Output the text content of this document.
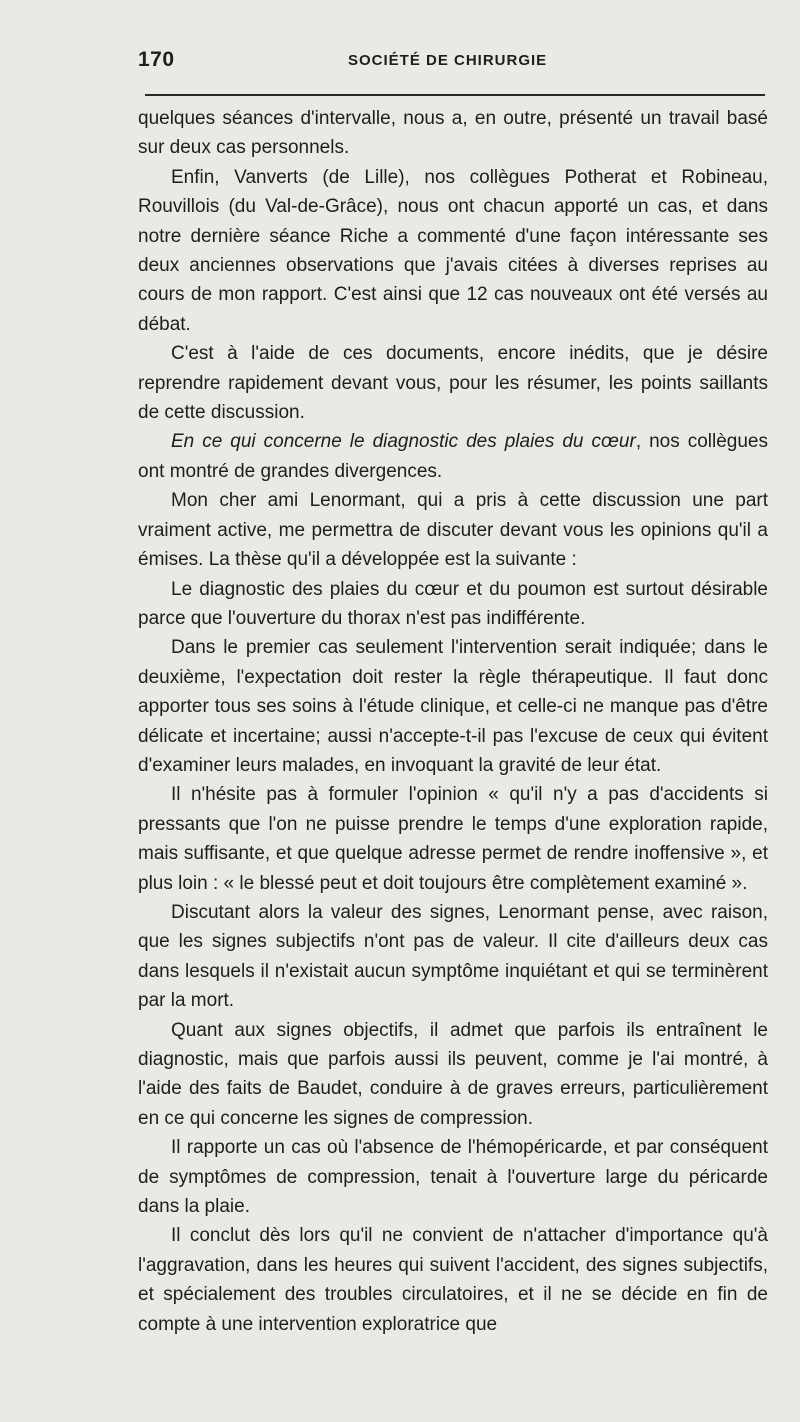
170	SOCIÉTÉ DE CHIRURGIE

quelques séances d'intervalle, nous a, en outre, présenté un travail basé sur deux cas personnels.

Enfin, Vanverts (de Lille), nos collègues Potherat et Robineau, Rouvillois (du Val-de-Grâce), nous ont chacun apporté un cas, et dans notre dernière séance Riche a commenté d'une façon intéressante ses deux anciennes observations que j'avais citées à diverses reprises au cours de mon rapport. C'est ainsi que 12 cas nouveaux ont été versés au débat.

C'est à l'aide de ces documents, encore inédits, que je désire reprendre rapidement devant vous, pour les résumer, les points saillants de cette discussion.

En ce qui concerne le diagnostic des plaies du cœur, nos collègues ont montré de grandes divergences.

Mon cher ami Lenormant, qui a pris à cette discussion une part vraiment active, me permettra de discuter devant vous les opinions qu'il a émises. La thèse qu'il a développée est la suivante :

Le diagnostic des plaies du cœur et du poumon est surtout désirable parce que l'ouverture du thorax n'est pas indifférente.

Dans le premier cas seulement l'intervention serait indiquée; dans le deuxième, l'expectation doit rester la règle thérapeutique. Il faut donc apporter tous ses soins à l'étude clinique, et celle-ci ne manque pas d'être délicate et incertaine; aussi n'accepte-t-il pas l'excuse de ceux qui évitent d'examiner leurs malades, en invoquant la gravité de leur état.

Il n'hésite pas à formuler l'opinion « qu'il n'y a pas d'accidents si pressants que l'on ne puisse prendre le temps d'une exploration rapide, mais suffisante, et que quelque adresse permet de rendre inoffensive », et plus loin : « le blessé peut et doit toujours être complètement examiné ».

Discutant alors la valeur des signes, Lenormant pense, avec raison, que les signes subjectifs n'ont pas de valeur. Il cite d'ailleurs deux cas dans lesquels il n'existait aucun symptôme inquiétant et qui se terminèrent par la mort.

Quant aux signes objectifs, il admet que parfois ils entraînent le diagnostic, mais que parfois aussi ils peuvent, comme je l'ai montré, à l'aide des faits de Baudet, conduire à de graves erreurs, particulièrement en ce qui concerne les signes de compression.

Il rapporte un cas où l'absence de l'hémopéricarde, et par conséquent de symptômes de compression, tenait à l'ouverture large du péricarde dans la plaie.

Il conclut dès lors qu'il ne convient de n'attacher d'importance qu'à l'aggravation, dans les heures qui suivent l'accident, des signes subjectifs, et spécialement des troubles circulatoires, et il ne se décide en fin de compte à une intervention exploratrice que
